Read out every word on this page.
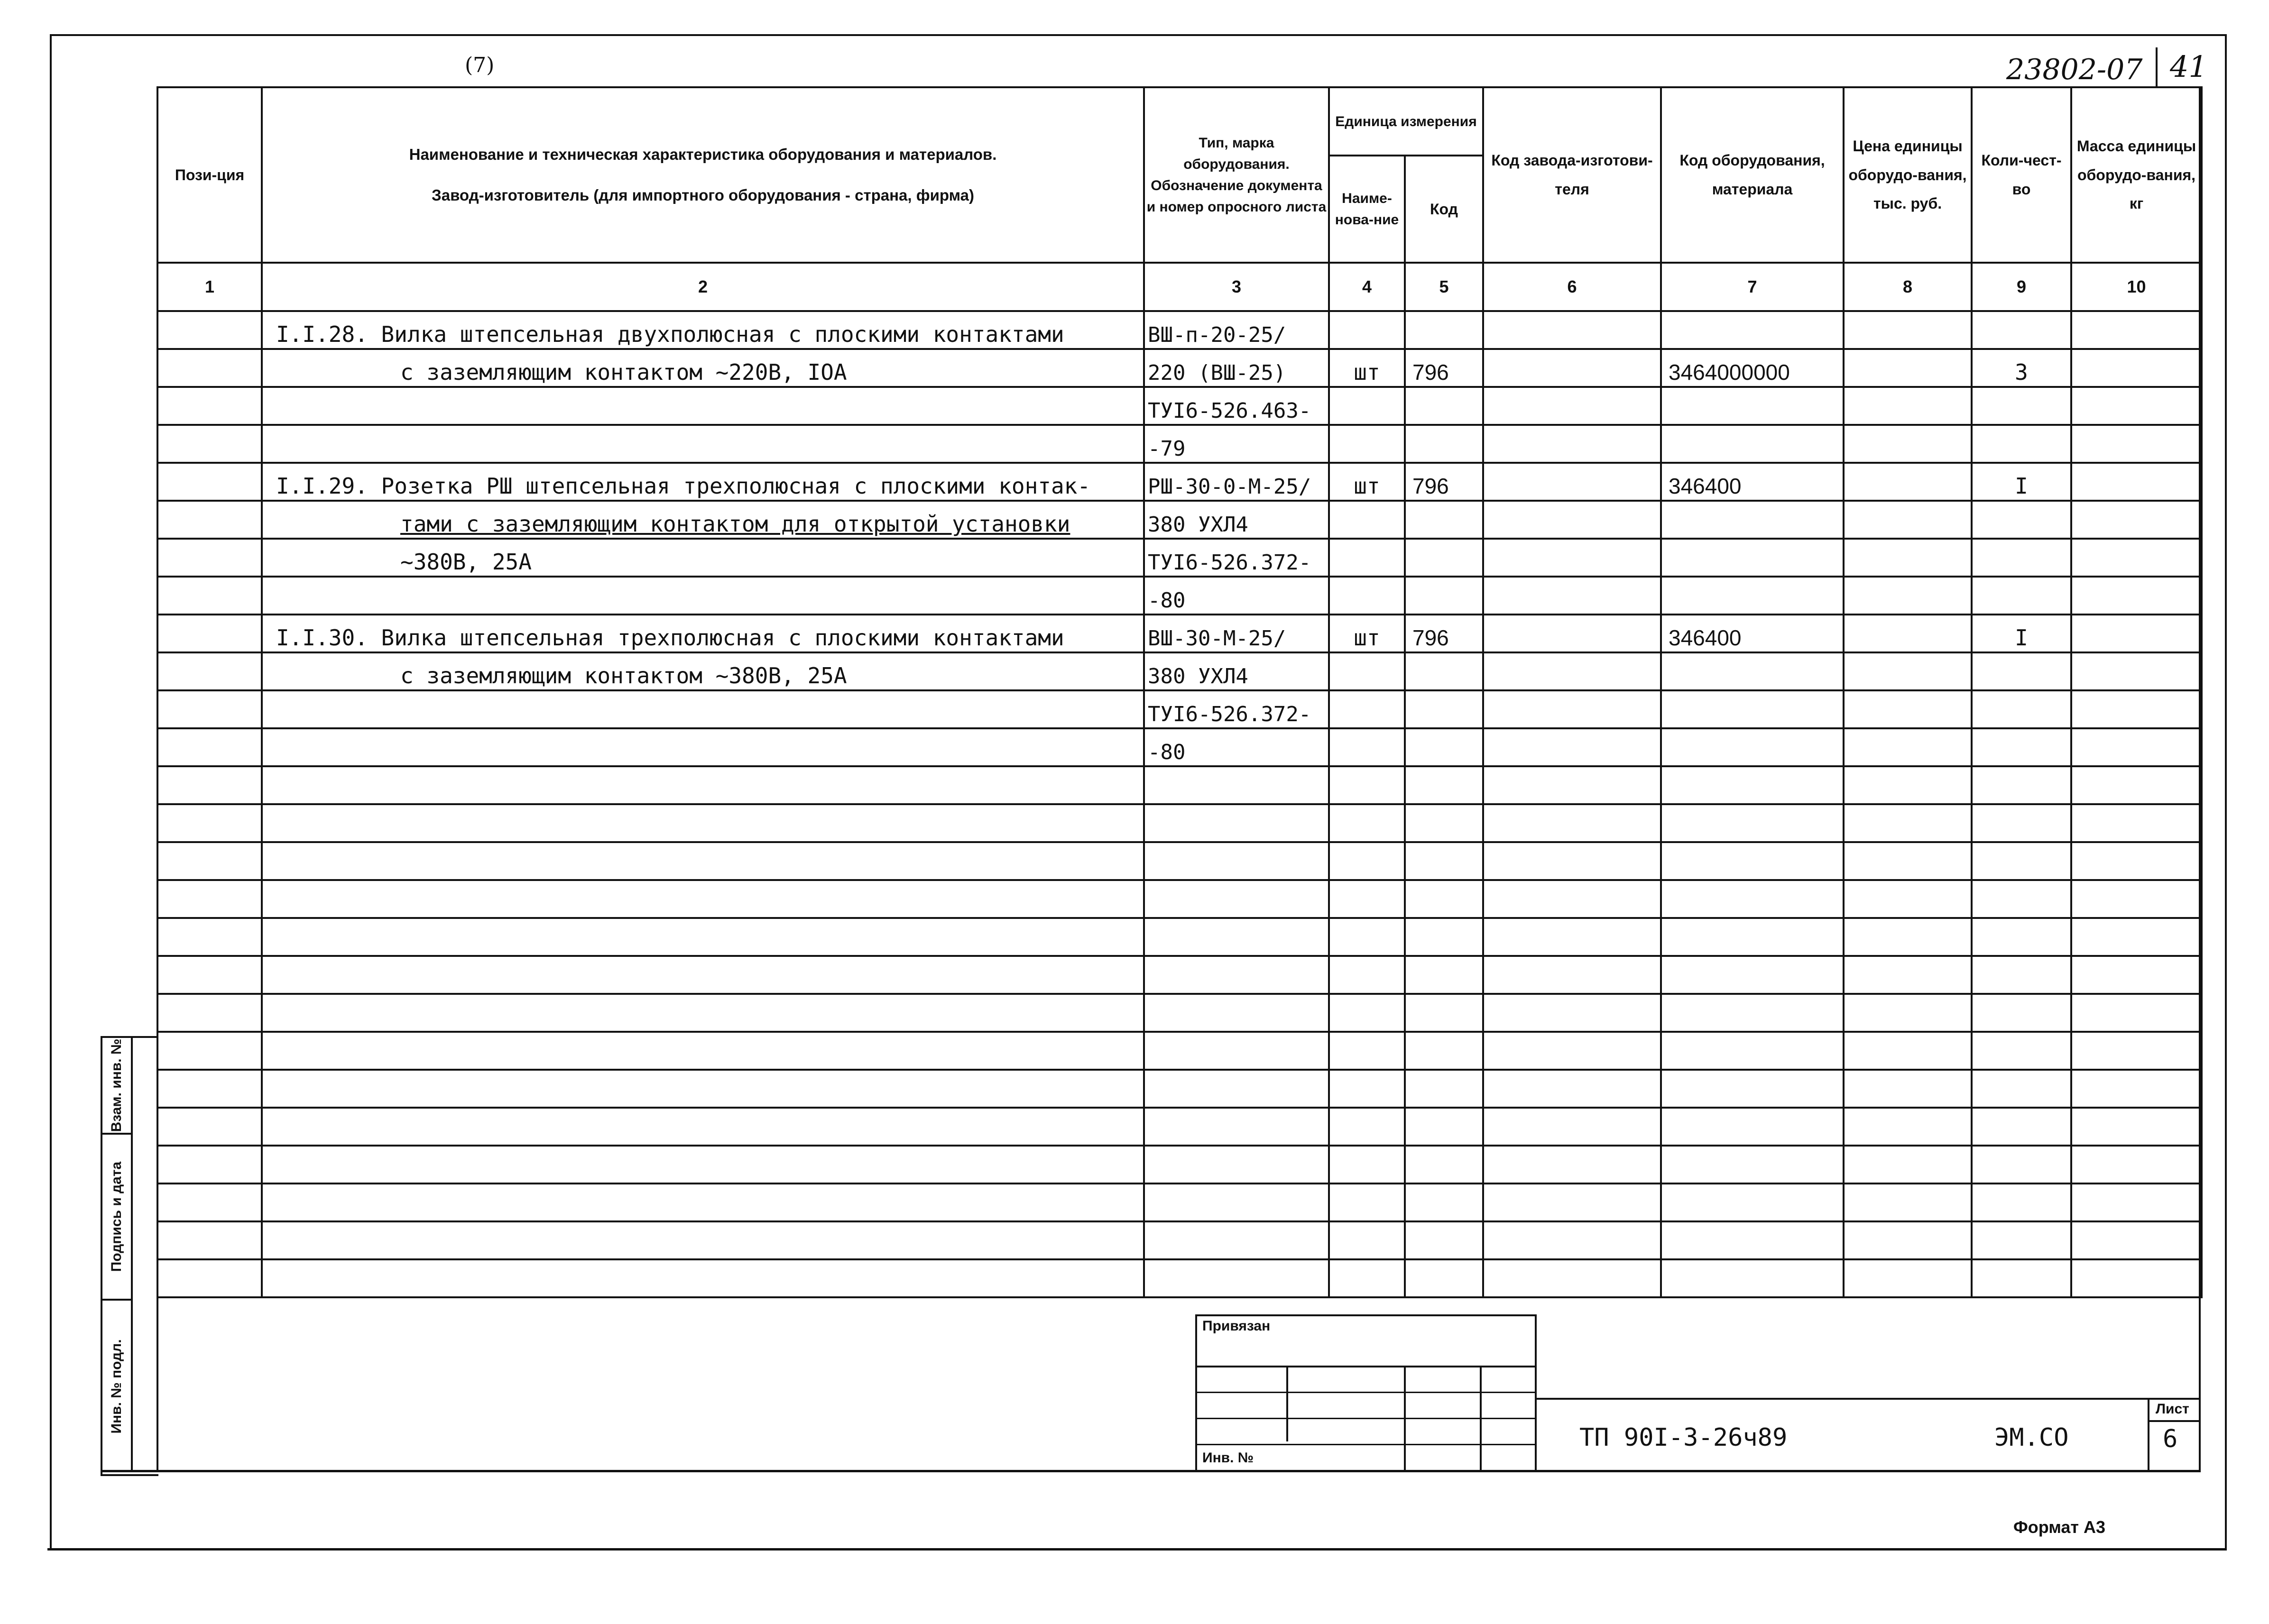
(7)	23802-07 41
Пози-ция	Наименование и техническая характеристика оборудования и материалов.
Завод-изготовитель (для импортного оборудования - страна, фирма)	Тип, марка оборудования. Обозначение документа и номер опросного листа	Единица измерения		Код завода-изготови-теля	Код оборудования, материала	Цена единицы оборудо-вания, тыс. руб.	Коли-чест-во	Масса единицы оборудо-вания, кг
			Наиме-нова-ние	Код					
1	2	3	4	5	6	7	8	9	10
	I.I.28. Вилка штепсельная двухполюсная с плоскими контактами	ВШ-п-20-25/							
	с заземляющим контактом ~220В, IOA	220 (ВШ-25)	шт	796		3464000000		3	
		ТУI6-526.463-							
		-79							
	I.I.29. Розетка РШ штепсельная трехполюсная с плоскими контак-	РШ-30-0-М-25/	шт	796		346400		I	
	тами с заземляющим контактом для открытой установки	380 УХЛ4							
	~380В, 25А	ТУI6-526.372-							
		-80							
	I.I.30. Вилка штепсельная трехполюсная с плоскими контактами	ВШ-30-М-25/	шт	796		346400		I	
	с заземляющим контактом ~380В, 25А	380 УХЛ4							
		ТУI6-526.372-							
		-80							

Взам. инв. №
Подпись и дата
Инв. № подл.
Привязан
Инв. №
ТП 90I-3-26ч89	ЭМ.СО
Лист
6
Формат А3
